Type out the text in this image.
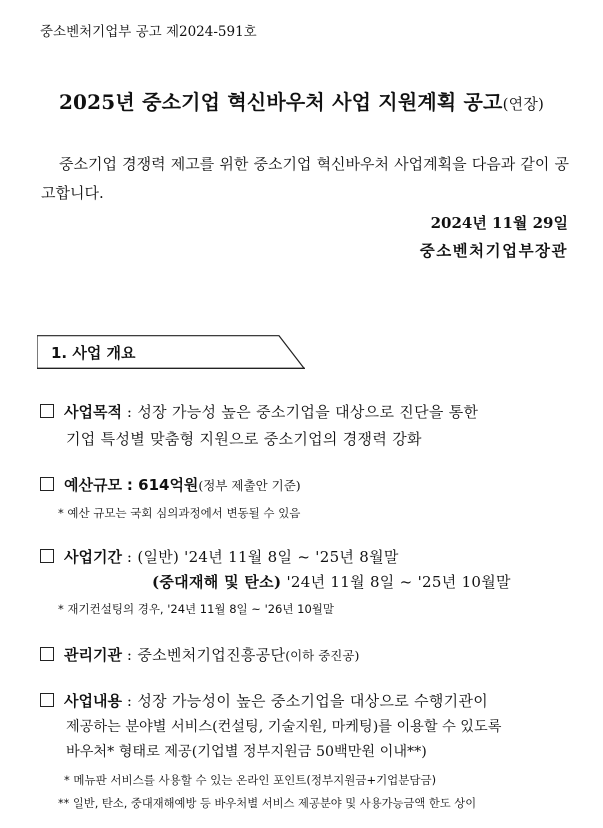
중소벤처기업부 공고 제2024-591호
2025년 중소기업 혁신바우처 사업 지원계획 공고(연장)
중소기업 경쟁력 제고를 위한 중소기업 혁신바우처 사업계획을 다음과 같이 공고합니다.
2024년 11월 29일
중소벤처기업부장관
1. 사업 개요
사업목적 : 성장 가능성 높은 중소기업을 대상으로 진단을 통한
기업 특성별 맞춤형 지원으로 중소기업의 경쟁력 강화
예산규모 : 614억원(정부 제출안 기준)
* 예산 규모는 국회 심의과정에서 변동될 수 있음
사업기간 : (일반) '24년 11월 8일 ~ '25년 8월말
(중대재해 및 탄소) '24년 11월 8일 ~ '25년 10월말
* 재기컨설팅의 경우, '24년 11월 8일 ~ '26년 10월말
관리기관 : 중소벤처기업진흥공단(이하 중진공)
사업내용 : 성장 가능성이 높은 중소기업을 대상으로 수행기관이
제공하는 분야별 서비스(컨설팅, 기술지원, 마케팅)를 이용할 수 있도록
바우처* 형태로 제공(기업별 정부지원금 50백만원 이내**)
* 메뉴판 서비스를 사용할 수 있는 온라인 포인트(정부지원금+기업분담금)
** 일반, 탄소, 중대재해예방 등 바우처별 서비스 제공분야 및 사용가능금액 한도 상이
